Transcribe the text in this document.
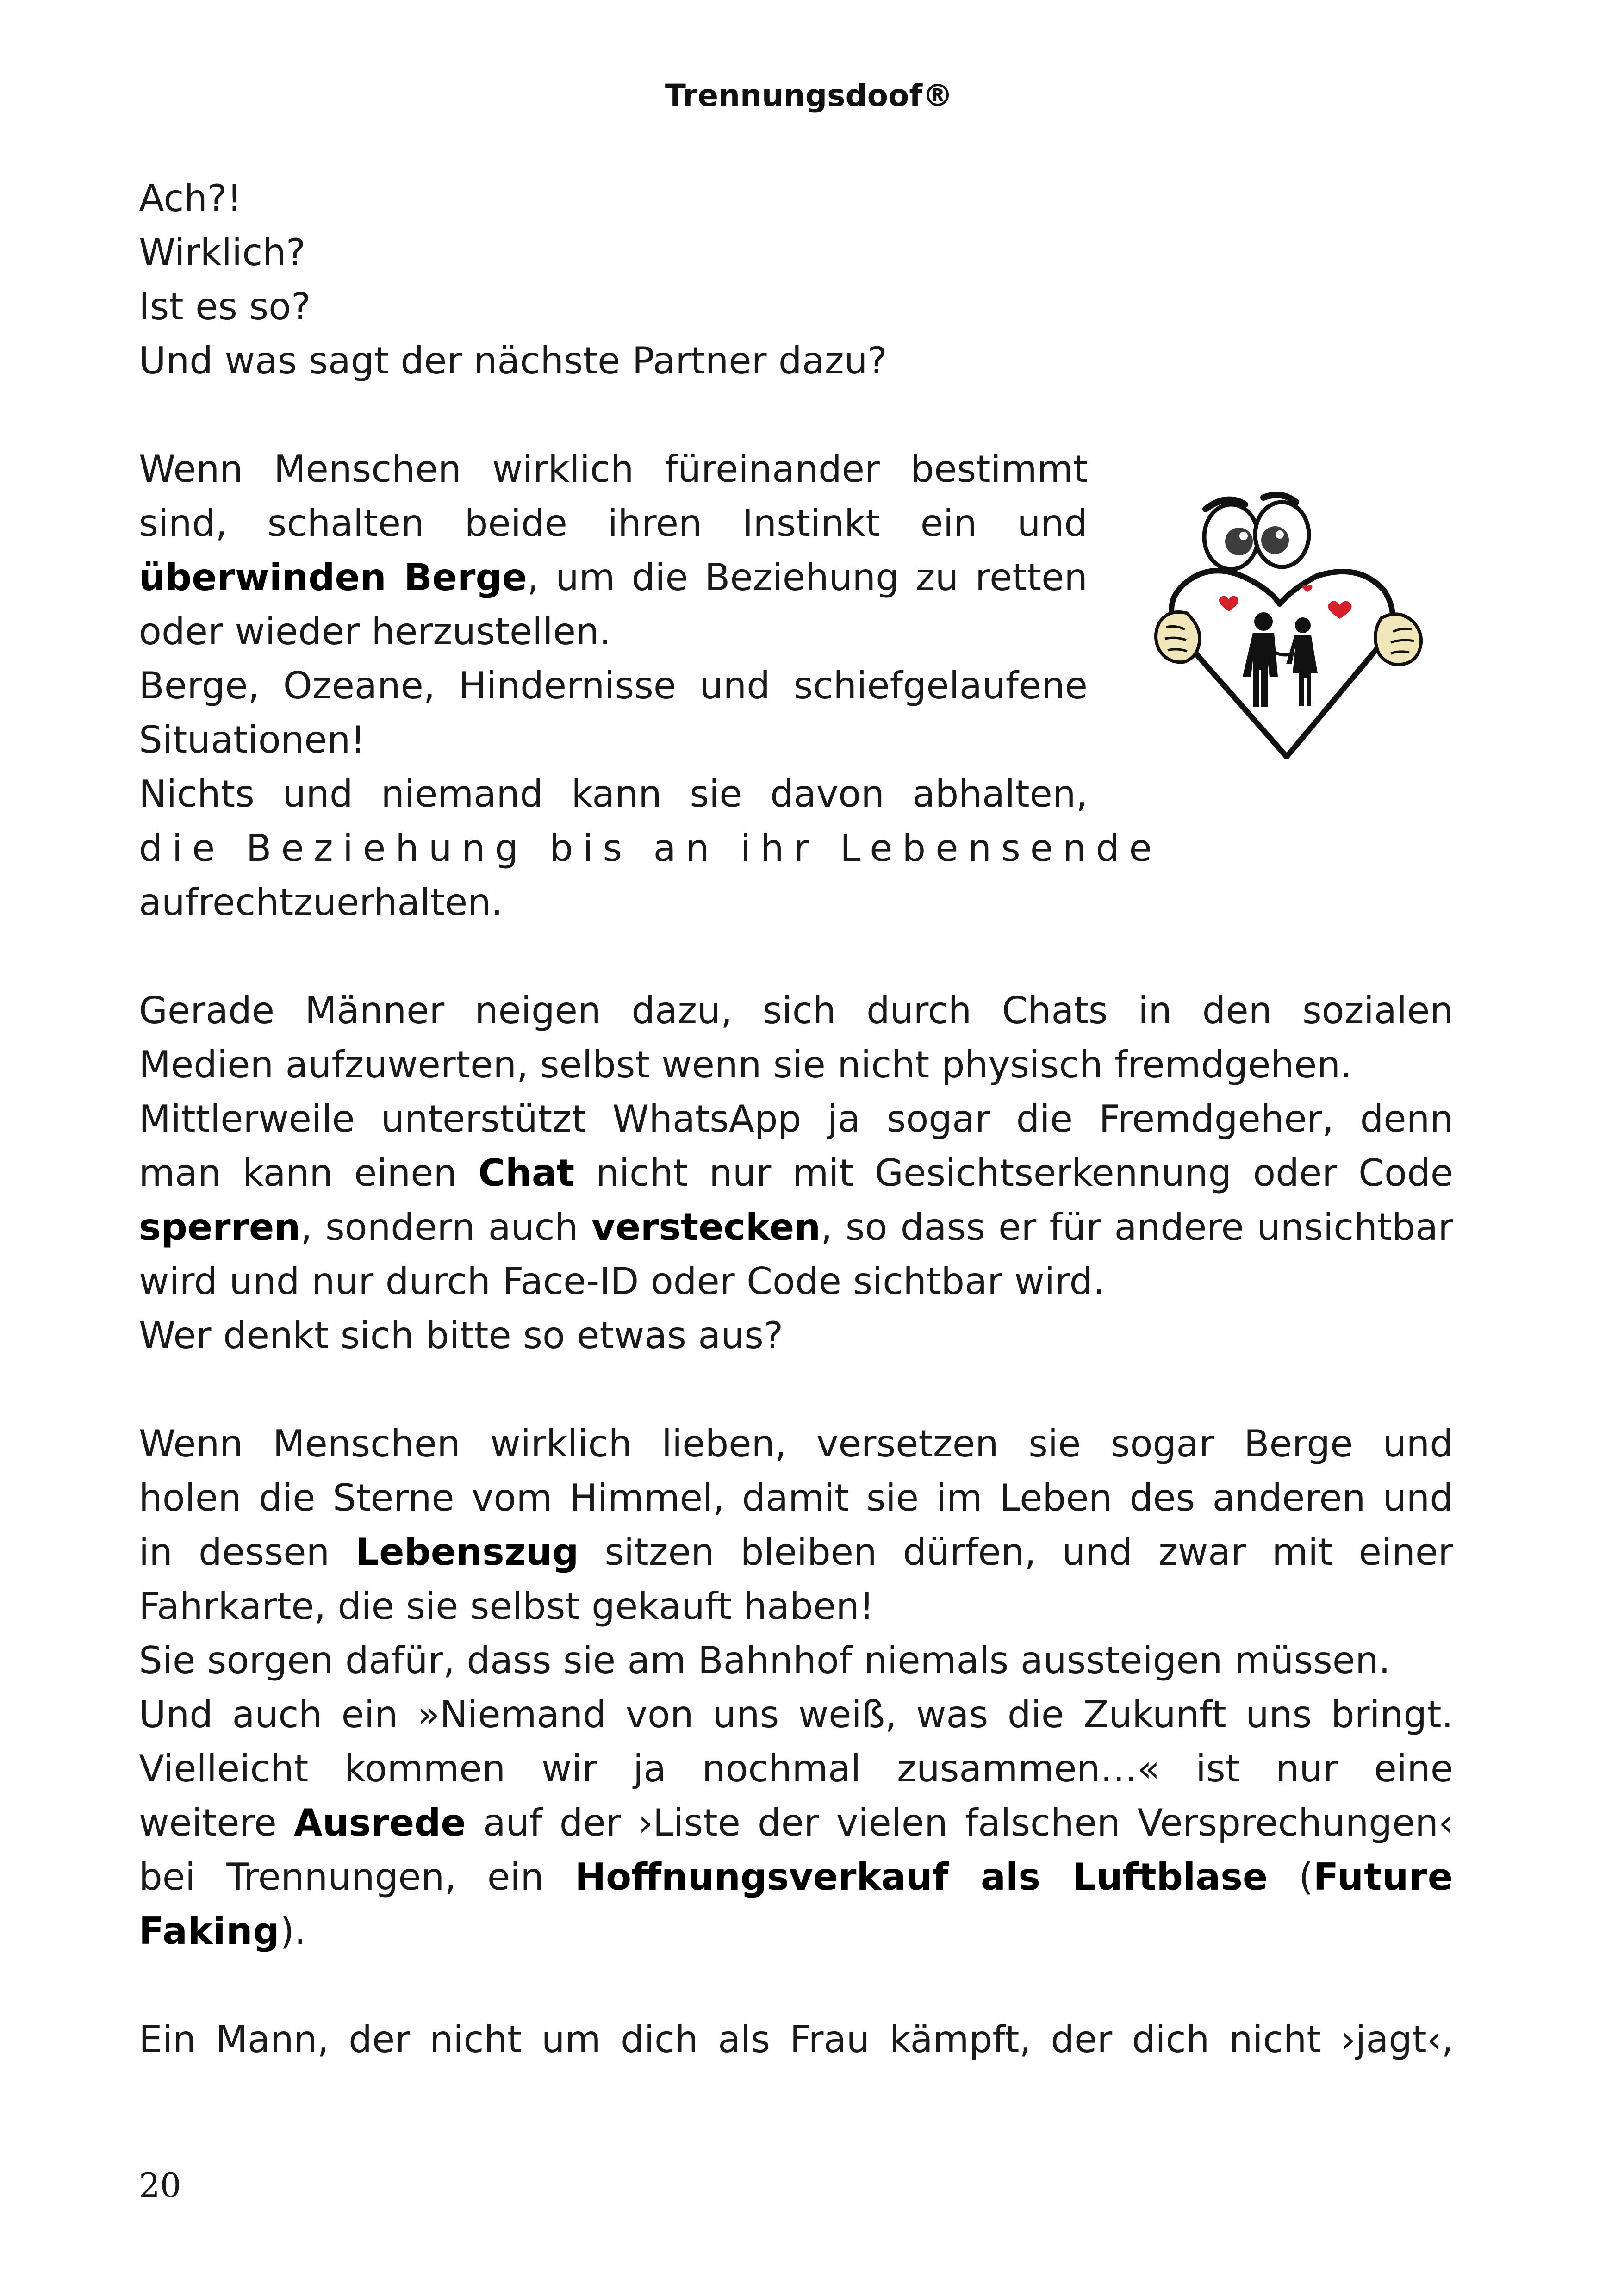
Trennungsdoof®
Ach?!
Wirklich?
Ist es so?
Und was sagt der nächste Partner dazu?
Wenn Menschen wirklich füreinander bestimmt
sind, schalten beide ihren Instinkt ein und
überwinden Berge, um die Beziehung zu retten
oder wieder herzustellen.
Berge, Ozeane, Hindernisse und schiefgelaufene
Situationen!
Nichts und niemand kann sie davon abhalten,
die Beziehung bis an ihr Lebensende
aufrechtzuerhalten.
Gerade Männer neigen dazu, sich durch Chats in den sozialen
Medien aufzuwerten, selbst wenn sie nicht physisch fremdgehen.
Mittlerweile unterstützt WhatsApp ja sogar die Fremdgeher, denn
man kann einen Chat nicht nur mit Gesichtserkennung oder Code
sperren, sondern auch verstecken, so dass er für andere unsichtbar
wird und nur durch Face-ID oder Code sichtbar wird.
Wer denkt sich bitte so etwas aus?
Wenn Menschen wirklich lieben, versetzen sie sogar Berge und
holen die Sterne vom Himmel, damit sie im Leben des anderen und
in dessen Lebenszug sitzen bleiben dürfen, und zwar mit einer
Fahrkarte, die sie selbst gekauft haben!
Sie sorgen dafür, dass sie am Bahnhof niemals aussteigen müssen.
Und auch ein »Niemand von uns weiß, was die Zukunft uns bringt.
Vielleicht kommen wir ja nochmal zusammen…« ist nur eine
weitere Ausrede auf der ›Liste der vielen falschen Versprechungen‹
bei Trennungen, ein Hoffnungsverkauf als Luftblase (Future
Faking).
Ein Mann, der nicht um dich als Frau kämpft, der dich nicht ›jagt‹,
20
